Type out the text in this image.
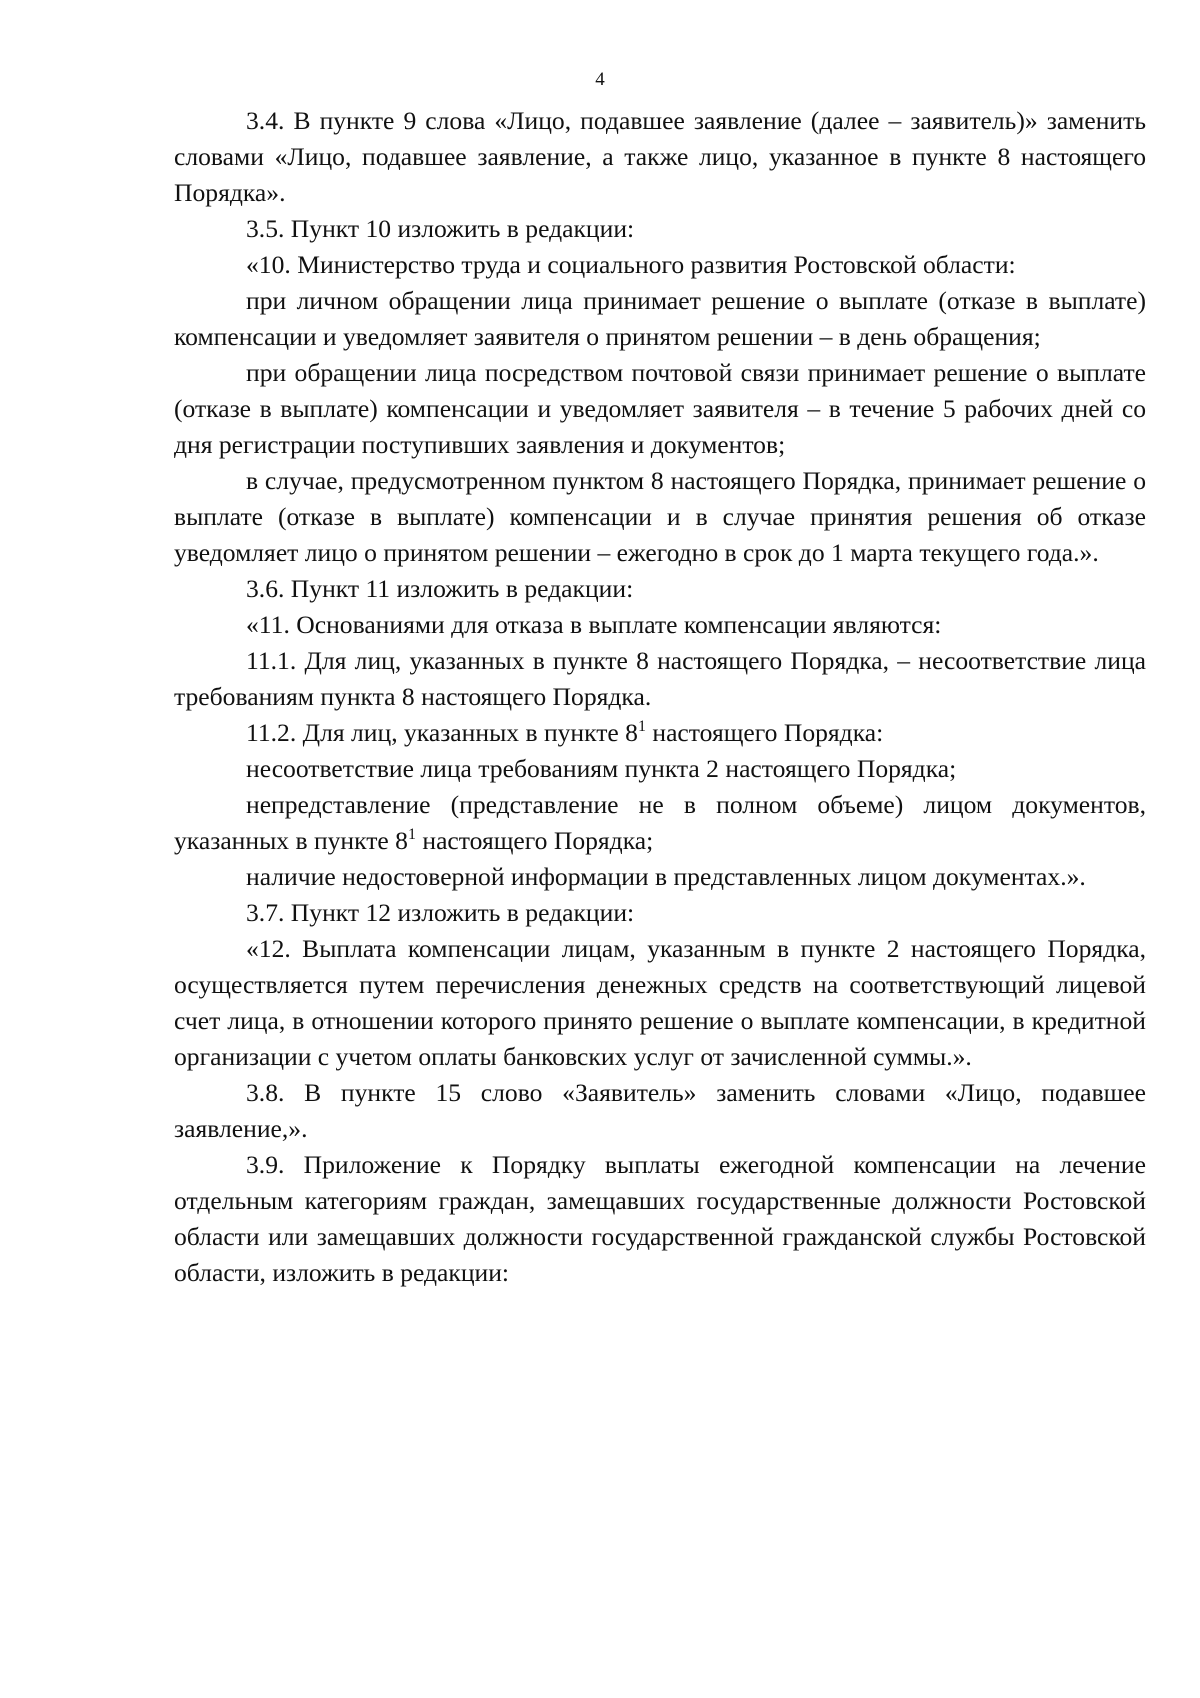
4

3.4. В пункте 9 слова «Лицо, подавшее заявление (далее – заявитель)» заменить словами «Лицо, подавшее заявление, а также лицо, указанное в пункте 8 настоящего Порядка».

3.5. Пункт 10 изложить в редакции:

«10. Министерство труда и социального развития Ростовской области:

при личном обращении лица принимает решение о выплате (отказе в выплате) компенсации и уведомляет заявителя о принятом решении – в день обращения;

при обращении лица посредством почтовой связи принимает решение о выплате (отказе в выплате) компенсации и уведомляет заявителя – в течение 5 рабочих дней со дня регистрации поступивших заявления и документов;

в случае, предусмотренном пунктом 8 настоящего Порядка, принимает решение о выплате (отказе в выплате) компенсации и в случае принятия решения об отказе уведомляет лицо о принятом решении – ежегодно в срок до 1 марта текущего года.».

3.6. Пункт 11 изложить в редакции:

«11. Основаниями для отказа в выплате компенсации являются:

11.1. Для лиц, указанных в пункте 8 настоящего Порядка, – несоответствие лица требованиям пункта 8 настоящего Порядка.

11.2. Для лиц, указанных в пункте $8^1$ настоящего Порядка:

несоответствие лица требованиям пункта 2 настоящего Порядка;

непредставление (представление не в полном объеме) лицом документов, указанных в пункте $8^1$ настоящего Порядка;

наличие недостоверной информации в представленных лицом документах.».

3.7. Пункт 12 изложить в редакции:

«12. Выплата компенсации лицам, указанным в пункте 2 настоящего Порядка, осуществляется путем перечисления денежных средств на соответствующий лицевой счет лица, в отношении которого принято решение о выплате компенсации, в кредитной организации с учетом оплаты банковских услуг от зачисленной суммы.».

3.8. В пункте 15 слово «Заявитель» заменить словами «Лицо, подавшее заявление,».

3.9. Приложение к Порядку выплаты ежегодной компенсации на лечение отдельным категориям граждан, замещавших государственные должности Ростовской области или замещавших должности государственной гражданской службы Ростовской области, изложить в редакции:
